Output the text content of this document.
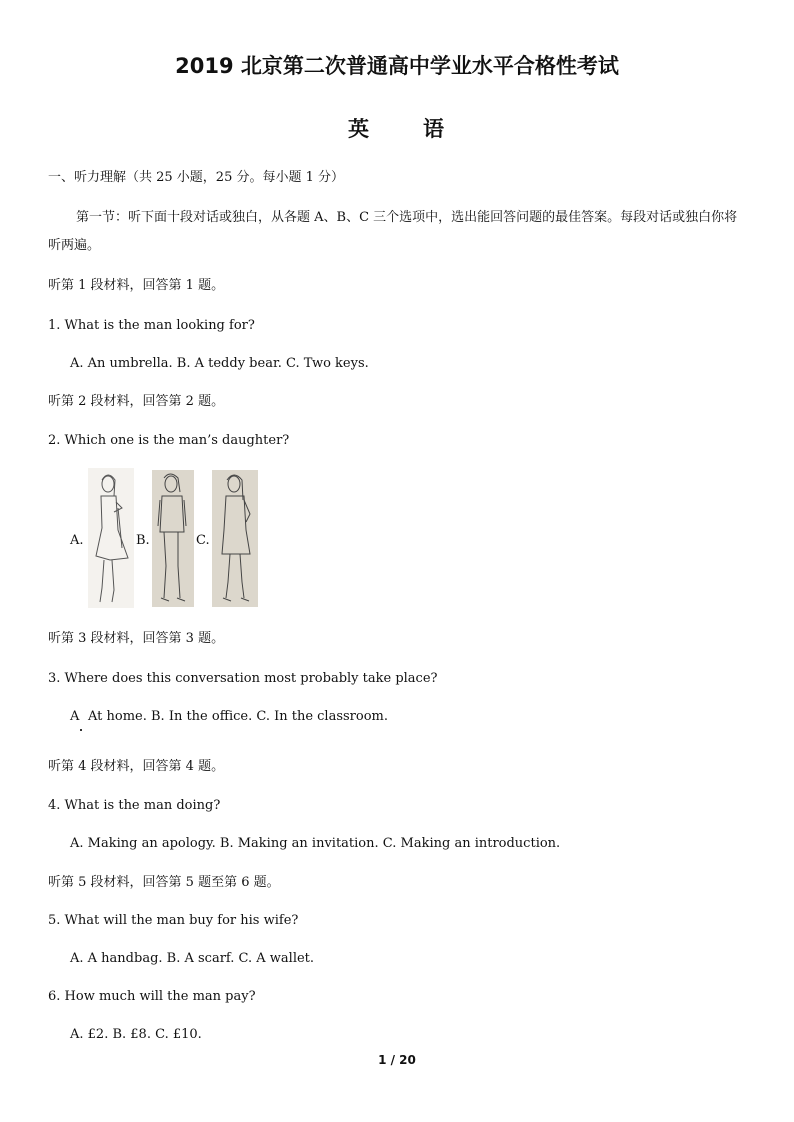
2019 北京第二次普通高中学业水平合格性考试
英 语
一、听力理解（共 25 小题，25 分。每小题 1 分）
第一节：听下面十段对话或独白，从各题 A、B、C 三个选项中，选出能回答问题的最佳答案。每段对话或独白你将听两遍。
听第 1 段材料，回答第 1 题。
1. What is the man looking for?
A. An umbrella. B. A teddy bear. C. Two keys.
听第 2 段材料，回答第 2 题。
2. Which one is the man’s daughter?
A.	B.	C.
听第 3 段材料，回答第 3 题。
3. Where does this conversation most probably take place?
A At home. B. In the office. C. In the classroom.
听第 4 段材料，回答第 4 题。
4. What is the man doing?
A. Making an apology. B. Making an invitation. C. Making an introduction.
听第 5 段材料，回答第 5 题至第 6 题。
5. What will the man buy for his wife?
A. A handbag. B. A scarf. C. A wallet.
6. How much will the man pay?
A. £2. B. £8. C. £10.
1 / 20
